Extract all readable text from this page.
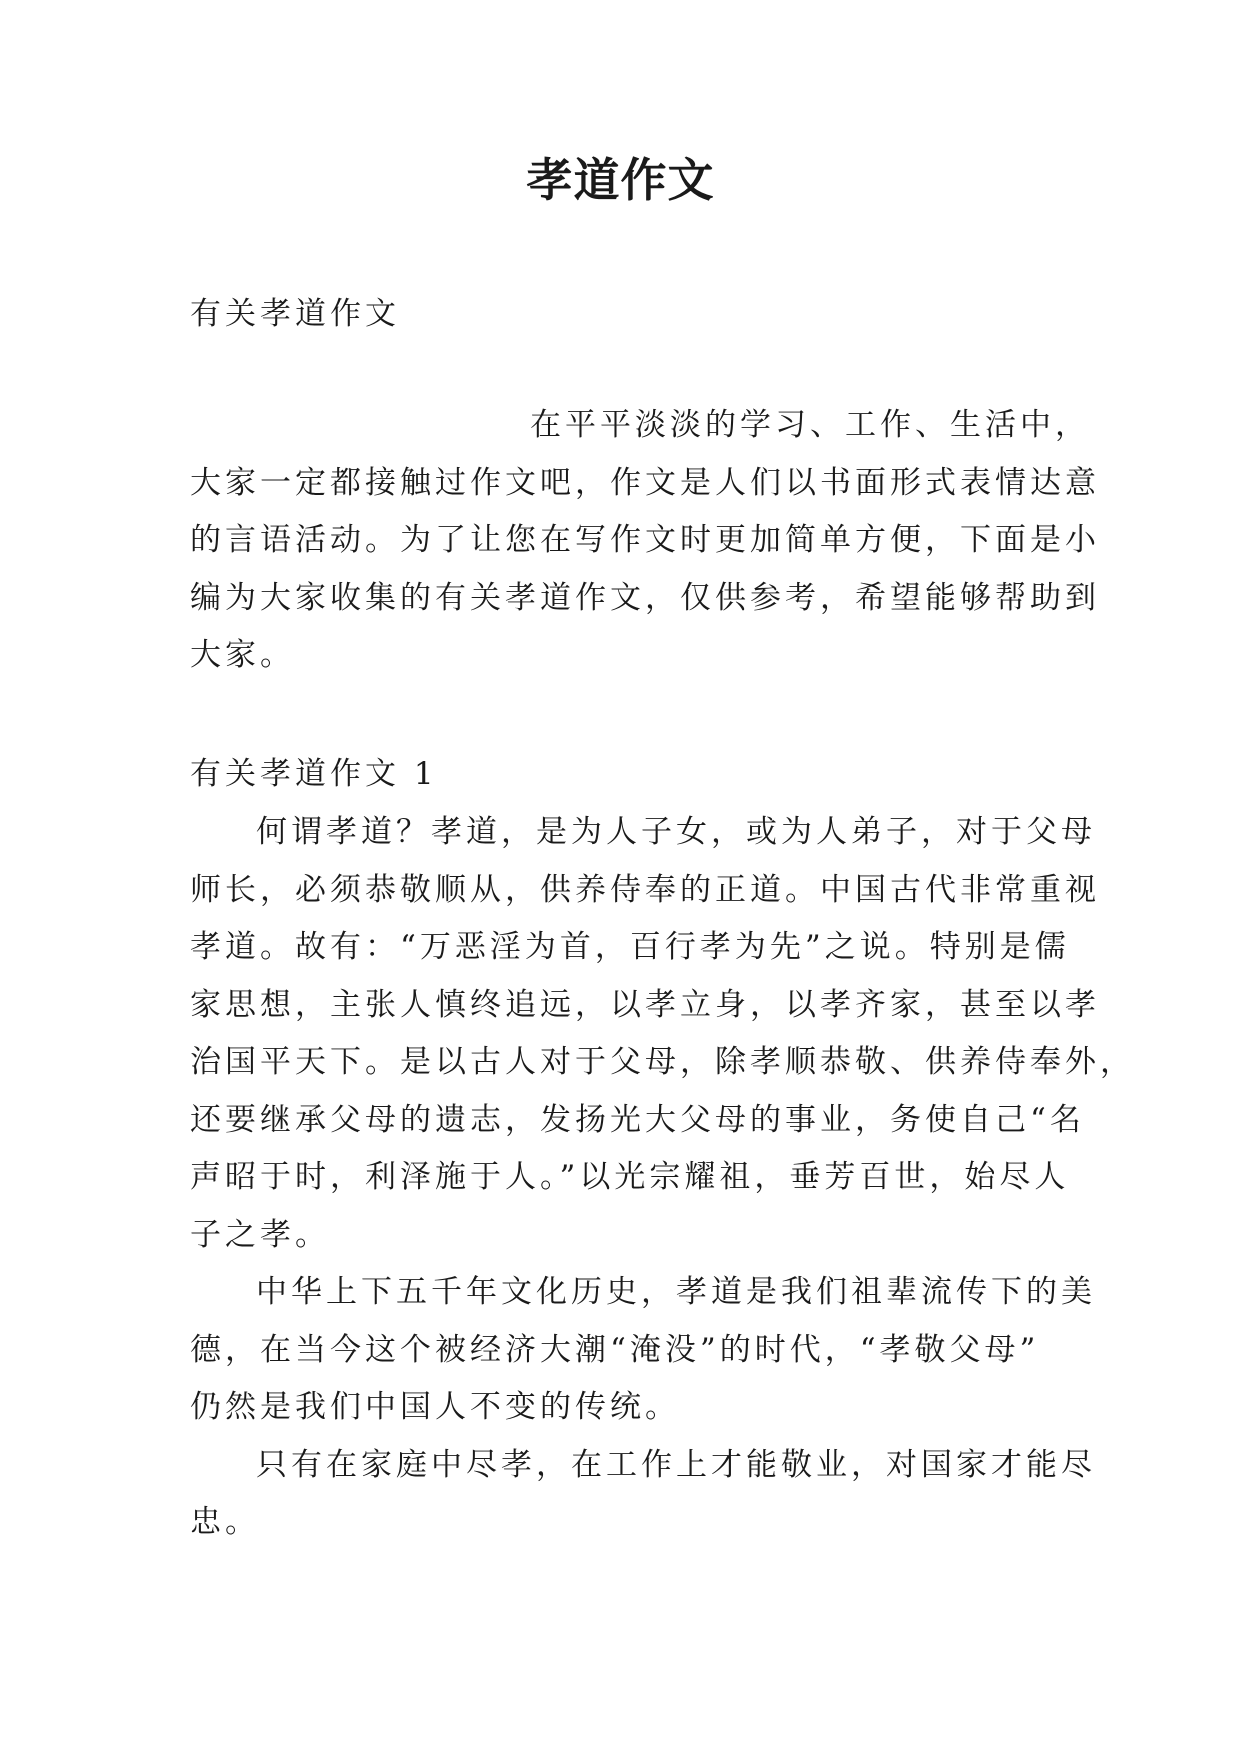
孝道作文
有关孝道作文
在平平淡淡的学习、工作、生活中，
大家一定都接触过作文吧，作文是人们以书面形式表情达意
的言语活动。为了让您在写作文时更加简单方便，下面是小
编为大家收集的有关孝道作文，仅供参考，希望能够帮助到
大家。
有关孝道作文 1
何谓孝道？孝道，是为人子女，或为人弟子，对于父母
师长，必须恭敬顺从，供养侍奉的正道。中国古代非常重视
孝道。故有：“万恶淫为首，百行孝为先”之说。特别是儒
家思想，主张人慎终追远，以孝立身，以孝齐家，甚至以孝
治国平天下。是以古人对于父母，除孝顺恭敬、供养侍奉外，
还要继承父母的遗志，发扬光大父母的事业，务使自己“名
声昭于时，利泽施于人。”以光宗耀祖，垂芳百世，始尽人
子之孝。
中华上下五千年文化历史，孝道是我们祖辈流传下的美
德，在当今这个被经济大潮“淹没”的时代，“孝敬父母”
仍然是我们中国人不变的传统。
只有在家庭中尽孝，在工作上才能敬业，对国家才能尽
忠。
